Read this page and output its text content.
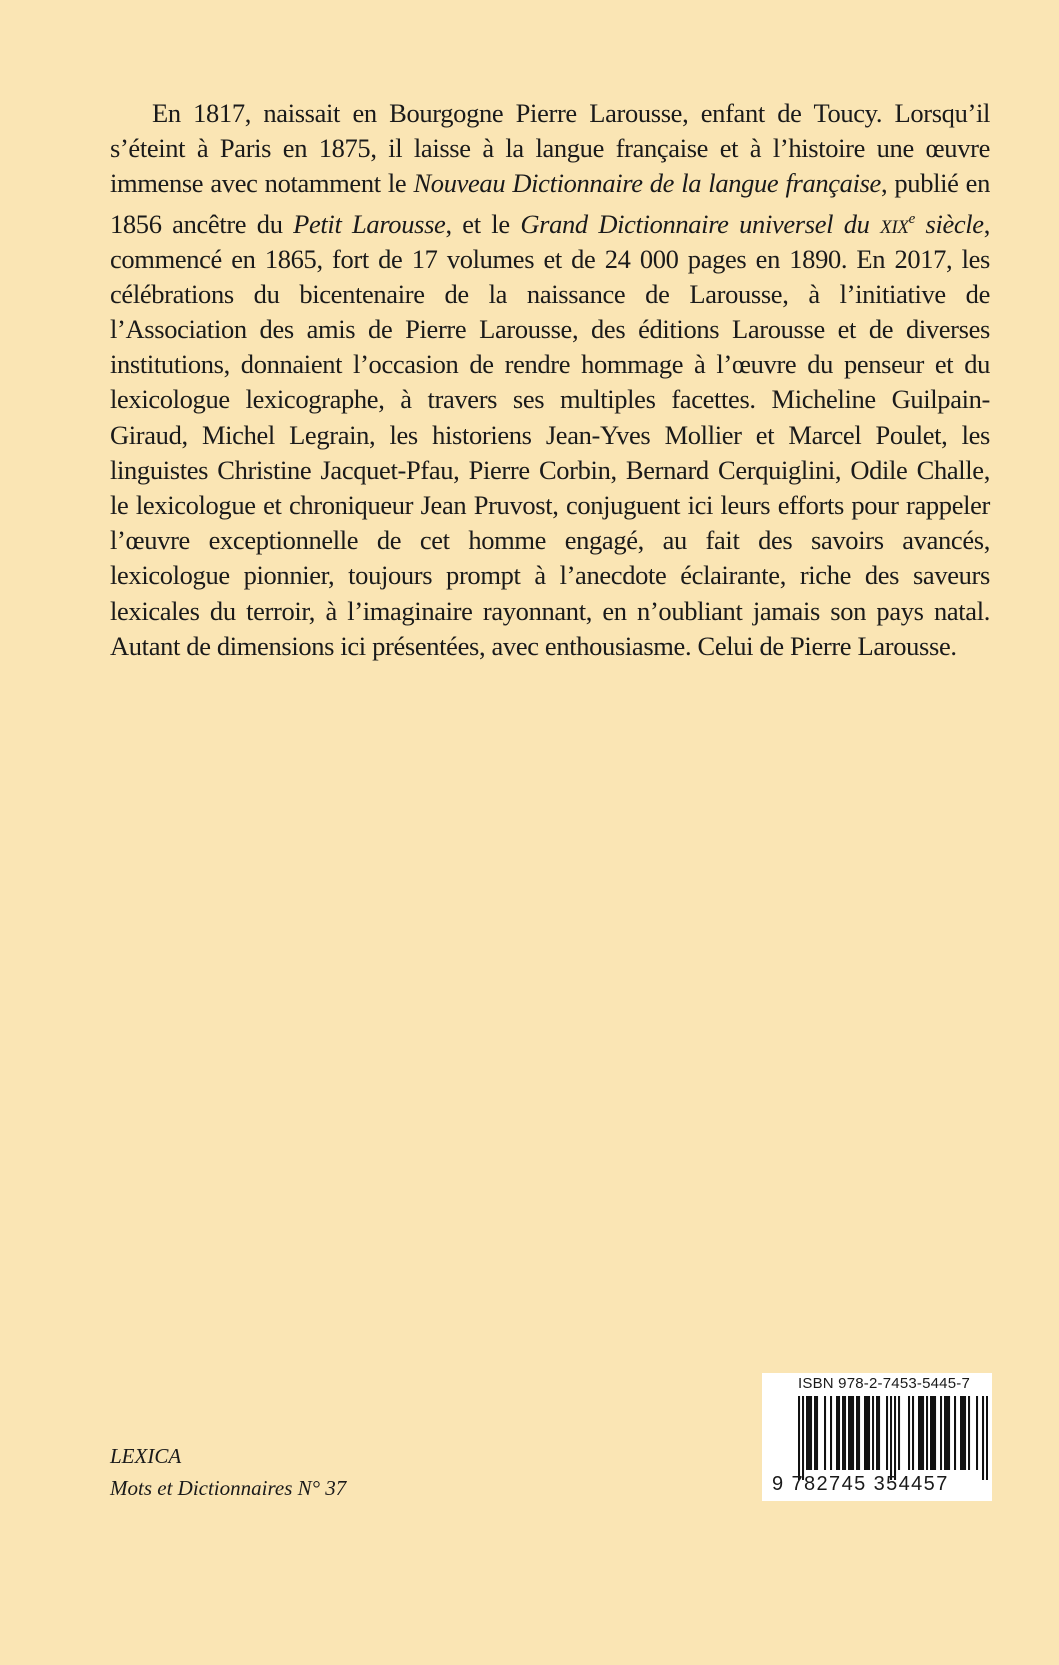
En 1817, naissait en Bourgogne Pierre Larousse, enfant de Toucy. Lorsqu’il s’éteint à Paris en 1875, il laisse à la langue française et à l’histoire une œuvre immense avec notamment le Nouveau Dictionnaire de la langue française, publié en 1856 ancêtre du Petit Larousse, et le Grand Dictionnaire universel du xix$^e$ siècle, commencé en 1865, fort de 17 volumes et de 24 000 pages en 1890. En 2017, les célébrations du bicentenaire de la naissance de Larousse, à l’initiative de l’Association des amis de Pierre Larousse, des éditions Larousse et de diverses institutions, donnaient l’occasion de rendre hommage à l’œuvre du penseur et du lexicologue lexicographe, à travers ses multiples facettes. Micheline Guilpain-Giraud, Michel Legrain, les historiens Jean-Yves Mollier et Marcel Poulet, les linguistes Christine Jacquet-Pfau, Pierre Corbin, Bernard Cerquiglini, Odile Challe, le lexicologue et chroniqueur Jean Pruvost, conjuguent ici leurs efforts pour rappeler l’œuvre exceptionnelle de cet homme engagé, au fait des savoirs avancés, lexicologue pionnier, toujours prompt à l’anecdote éclairante, riche des saveurs lexicales du terroir, à l’imaginaire rayonnant, en n’oubliant jamais son pays natal. Autant de dimensions ici présentées, avec enthousiasme. Celui de Pierre Larousse.

LEXICA
Mots et Dictionnaires N° 37
ISBN 978-2-7453-5445-7
9 782745 354457
